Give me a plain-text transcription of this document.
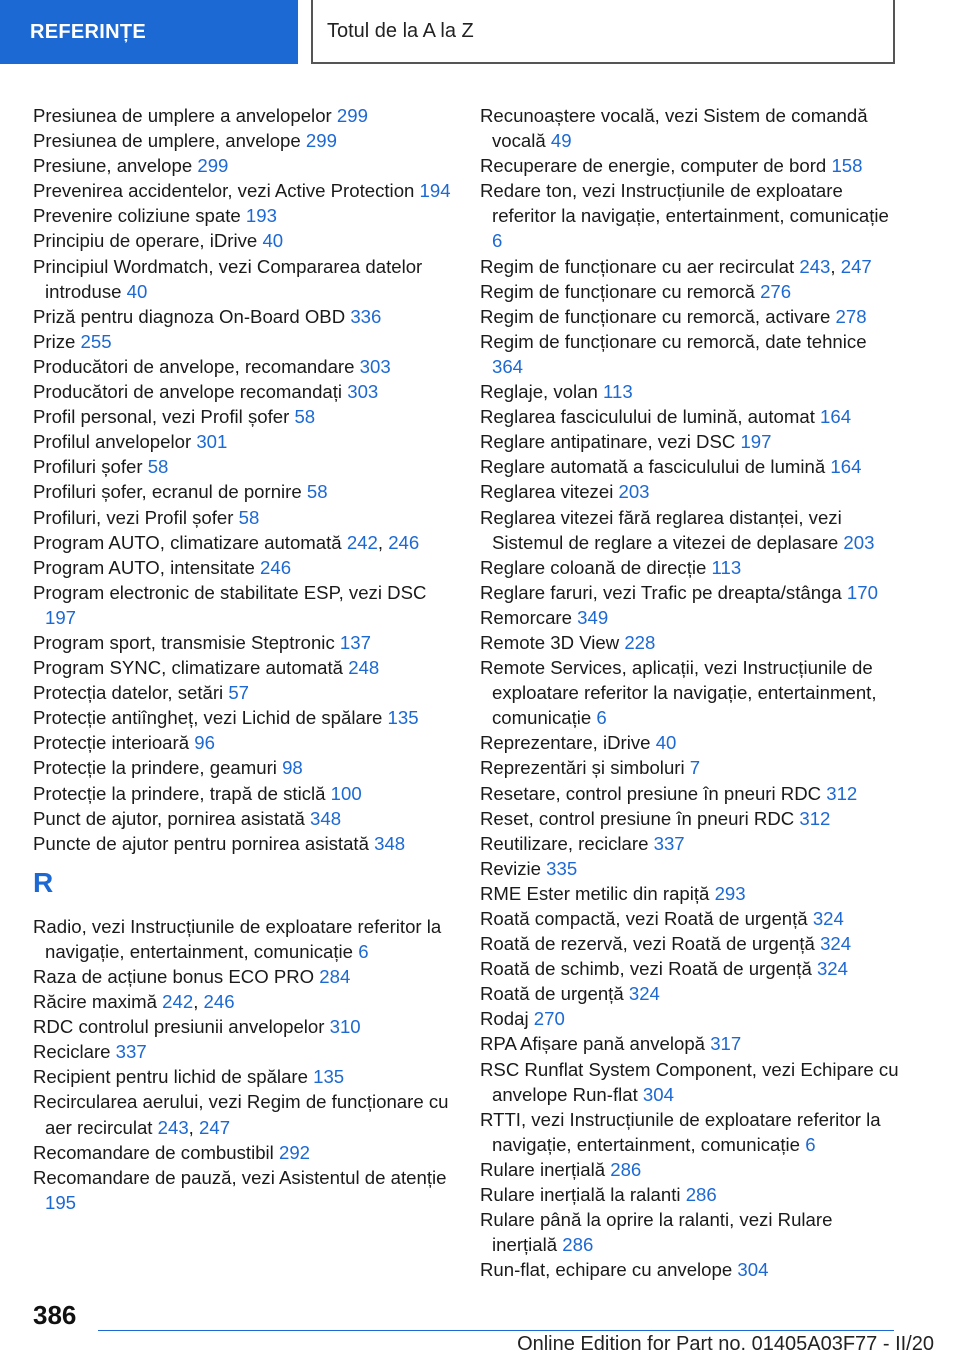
REFERINȚE	Totul de la A la Z
Presiunea de umplere a anvelopelor 299
Presiunea de umplere, anvelope 299
Presiune, anvelope 299
Prevenirea accidentelor, vezi Active Protection 194
Prevenire coliziune spate 193
Principiu de operare, iDrive 40
Principiul Wordmatch, vezi Compararea datelor introduse 40
Priză pentru diagnoza On-Board OBD 336
Prize 255
Producători de anvelope, recomandare 303
Producători de anvelope recomandați 303
Profil personal, vezi Profil șofer 58
Profilul anvelopelor 301
Profiluri șofer 58
Profiluri șofer, ecranul de pornire 58
Profiluri, vezi Profil șofer 58
Program AUTO, climatizare automată 242, 246
Program AUTO, intensitate 246
Program electronic de stabilitate ESP, vezi DSC 197
Program sport, transmisie Steptronic 137
Program SYNC, climatizare automată 248
Protecția datelor, setări 57
Protecție antiîngheț, vezi Lichid de spălare 135
Protecție interioară 96
Protecție la prindere, geamuri 98
Protecție la prindere, trapă de sticlă 100
Punct de ajutor, pornirea asistată 348
Puncte de ajutor pentru pornirea asistată 348
R
Radio, vezi Instrucțiunile de exploatare referitor la navigație, entertainment, comunicație 6
Raza de acțiune bonus ECO PRO 284
Răcire maximă 242, 246
RDC controlul presiunii anvelopelor 310
Reciclare 337
Recipient pentru lichid de spălare 135
Recircularea aerului, vezi Regim de funcționare cu aer recirculat 243, 247
Recomandare de combustibil 292
Recomandare de pauză, vezi Asistentul de atenție 195
Recunoaștere vocală, vezi Sistem de comandă vocală 49
Recuperare de energie, computer de bord 158
Redare ton, vezi Instrucțiunile de exploatare referitor la navigație, entertainment, comunicație 6
Regim de funcționare cu aer recirculat 243, 247
Regim de funcționare cu remorcă 276
Regim de funcționare cu remorcă, activare 278
Regim de funcționare cu remorcă, date tehnice 364
Reglaje, volan 113
Reglarea fasciculului de lumină, automat 164
Reglare antipatinare, vezi DSC 197
Reglare automată a fasciculului de lumină 164
Reglarea vitezei 203
Reglarea vitezei fără reglarea distanței, vezi Sistemul de reglare a vitezei de deplasare 203
Reglare coloană de direcție 113
Reglare faruri, vezi Trafic pe dreapta/stânga 170
Remorcare 349
Remote 3D View 228
Remote Services, aplicații, vezi Instrucțiunile de exploatare referitor la navigație, entertainment, comunicație 6
Reprezentare, iDrive 40
Reprezentări și simboluri 7
Resetare, control presiune în pneuri RDC 312
Reset, control presiune în pneuri RDC 312
Reutilizare, reciclare 337
Revizie 335
RME Ester metilic din rapiță 293
Roată compactă, vezi Roată de urgență 324
Roată de rezervă, vezi Roată de urgență 324
Roată de schimb, vezi Roată de urgență 324
Roată de urgență 324
Rodaj 270
RPA Afișare pană anvelopă 317
RSC Runflat System Component, vezi Echipare cu anvelope Run-flat 304
RTTI, vezi Instrucțiunile de exploatare referitor la navigație, entertainment, comunicație 6
Rulare inerțială 286
Rulare inerțială la ralanti 286
Rulare până la oprire la ralanti, vezi Rulare inerțială 286
Run-flat, echipare cu anvelope 304
386
Online Edition for Part no. 01405A03F77 - II/20
